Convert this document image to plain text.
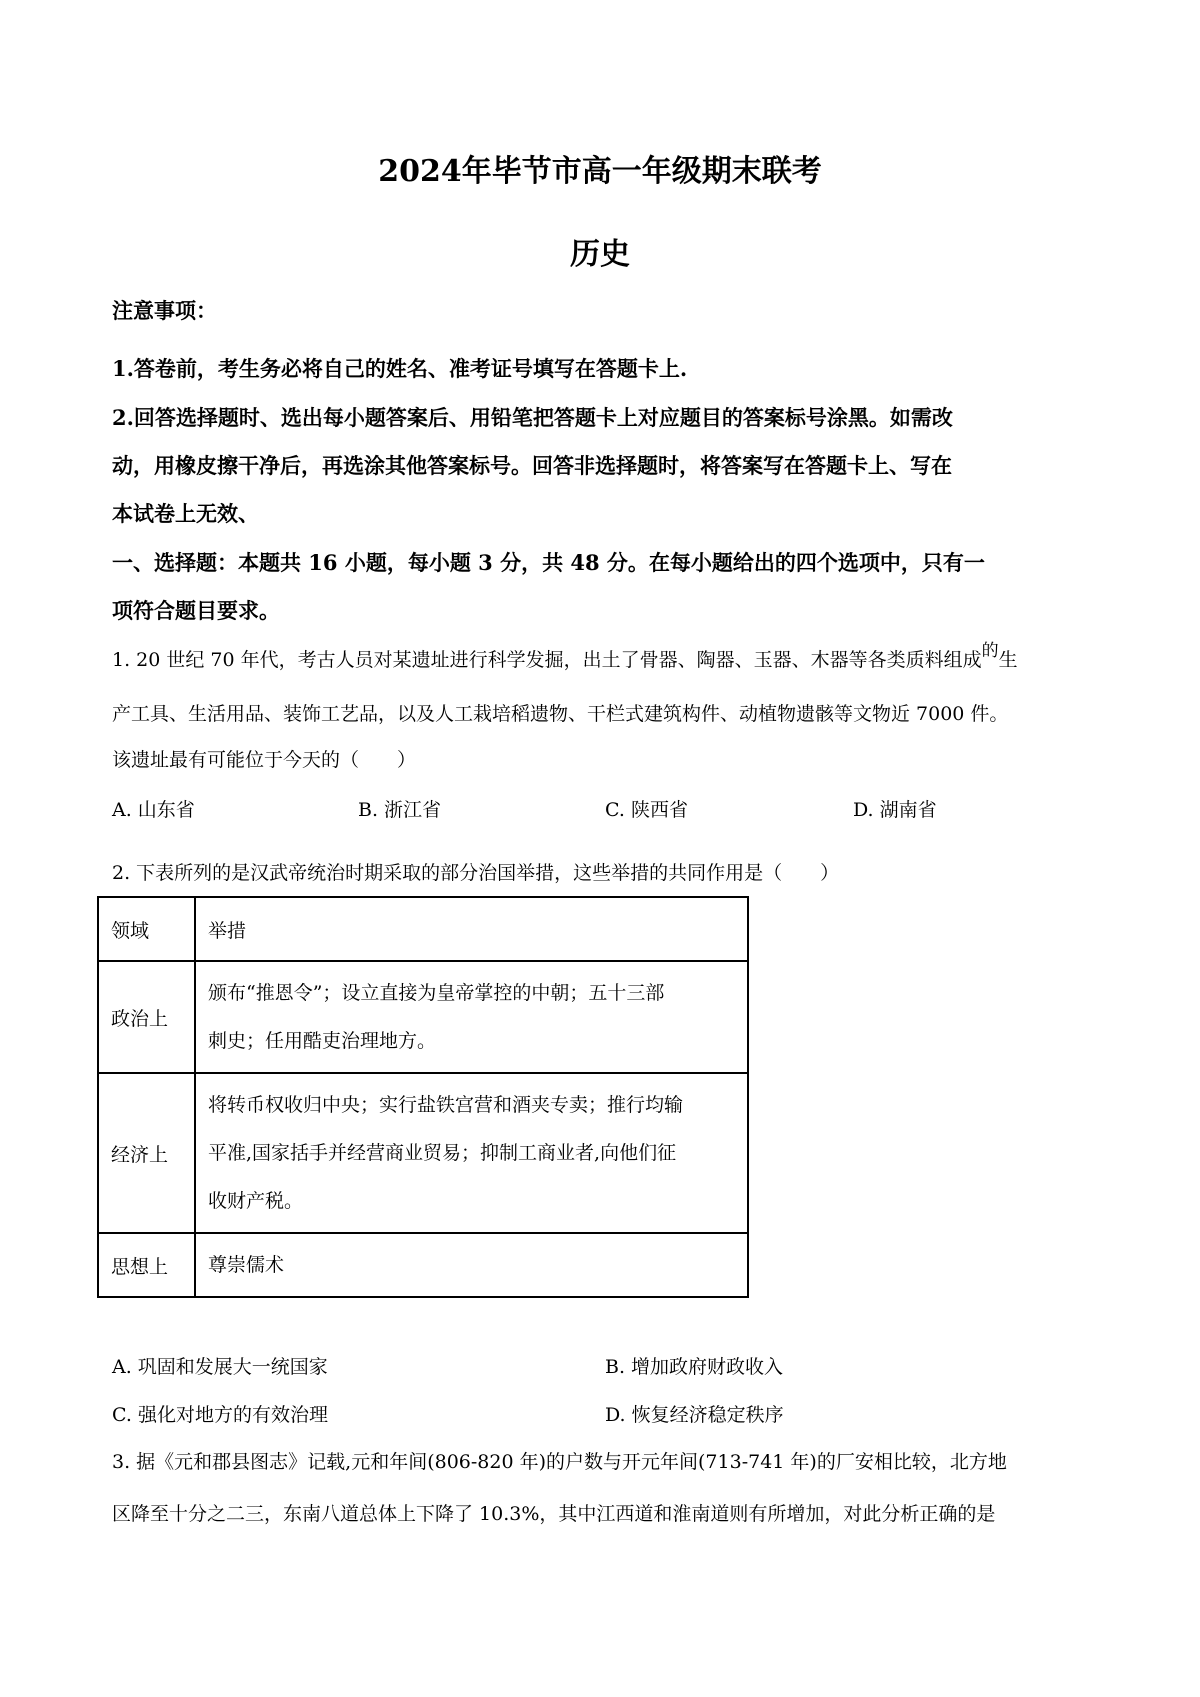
2024年毕节市高一年级期末联考
历史
注意事项：
1.答卷前，考生务必将自己的姓名、准考证号填写在答题卡上.
2.回答选择题时、选出每小题答案后、用铅笔把答题卡上对应题目的答案标号涂黑。如需改
动，用橡皮擦干净后，再选涂其他答案标号。回答非选择题时，将答案写在答题卡上、写在
本试卷上无效、
一、选择题：本题共 16 小题，每小题 3 分，共 48 分。在每小题给出的四个选项中，只有一
项符合题目要求。
1. 20 世纪 70 年代，考古人员对某遗址进行科学发掘，出土了骨器、陶器、玉器、木器等各类质料组成的生
产工具、生活用品、装饰工艺品，以及人工栽培稻遗物、干栏式建筑构件、动植物遗骸等文物近 7000 件。
该遗址最有可能位于今天的（　　）
A. 山东省	B. 浙江省	C. 陕西省	D. 湖南省
2. 下表所列的是汉武帝统治时期采取的部分治国举措，这些举措的共同作用是（　　）
领域	举措
政治上	颁布“推恩令”；设立直接为皇帝掌控的中朝；五十三部
刺史；任用酷吏治理地方。

经济上	将转币权收归中央；实行盐铁宫营和酒夹专卖；推行均输
平准,国家括手并经营商业贸易；抑制工商业者,向他们征
收财产税。

思想上	尊崇儒术
A. 巩固和发展大一统国家	B. 增加政府财政收入
C. 强化对地方的有效治理	D. 恢复经济稳定秩序
3. 据《元和郡县图志》记载,元和年间(806-820 年)的户数与开元年间(713-741 年)的厂安相比较，北方地
区降至十分之二三，东南八道总体上下降了 10.3%，其中江西道和淮南道则有所增加，对此分析正确的是
